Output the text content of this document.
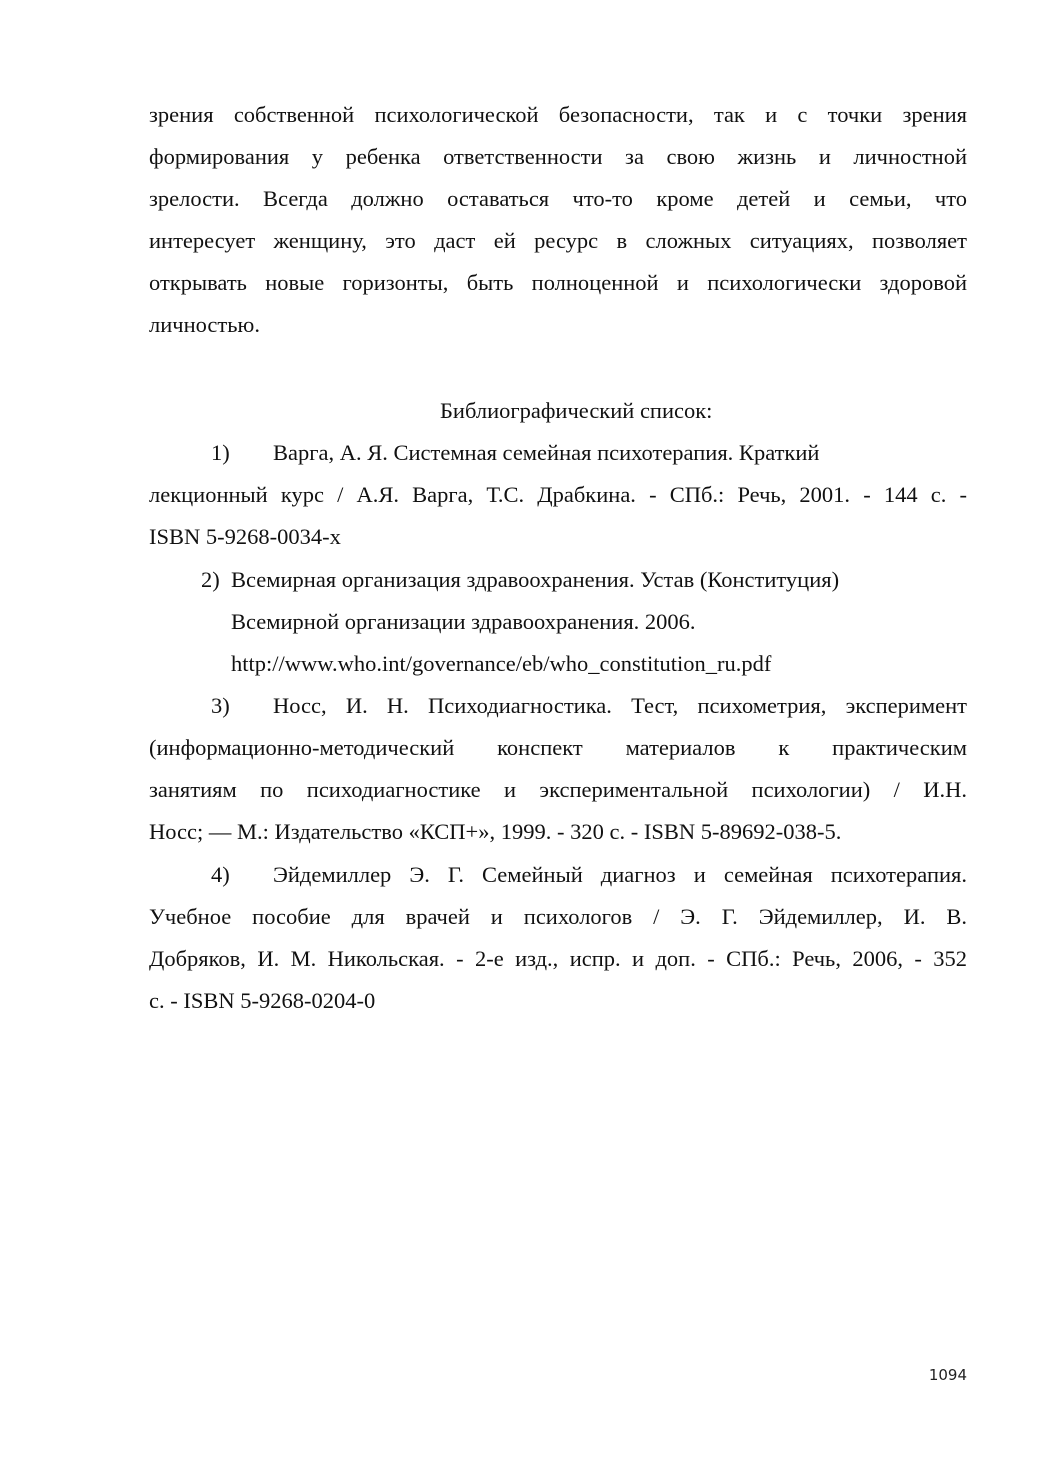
зрения собственной психологической безопасности, так и с точки зрения
формирования у ребенка ответственности за свою жизнь и личностной
зрелости. Всегда должно оставаться что-то кроме детей и семьи, что
интересует женщину, это даст ей ресурс в сложных ситуациях, позволяет
открывать новые горизонты, быть полноценной и психологически здоровой
личностью.
Библиографический список:
1) Варга, А. Я. Системная семейная психотерапия. Краткий
лекционный курс / А.Я. Варга, Т.С. Драбкина. - СПб.: Речь, 2001. - 144 с. -
ISBN 5-9268-0034-x
2) Всемирная организация здравоохранения. Устав (Конституция)
Всемирной организации здравоохранения. 2006.
http://www.who.int/governance/eb/who_constitution_ru.pdf
3) Носс, И. Н. Психодиагностика. Тест, психометрия, эксперимент
(информационно-методический конспект материалов к практическим
занятиям по психодиагностике и экспериментальной психологии) / И.Н.
Носс; — М.: Издательство «КСП+», 1999. - 320 с. - ISBN 5-89692-038-5.
4) Эйдемиллер Э. Г. Семейный диагноз и семейная психотерапия.
Учебное пособие для врачей и психологов / Э. Г. Эйдемиллер, И. В.
Добряков, И. М. Никольская. - 2-е изд., испр. и доп. - СПб.: Речь, 2006, - 352
с. - ISBN 5-9268-0204-0
1094
